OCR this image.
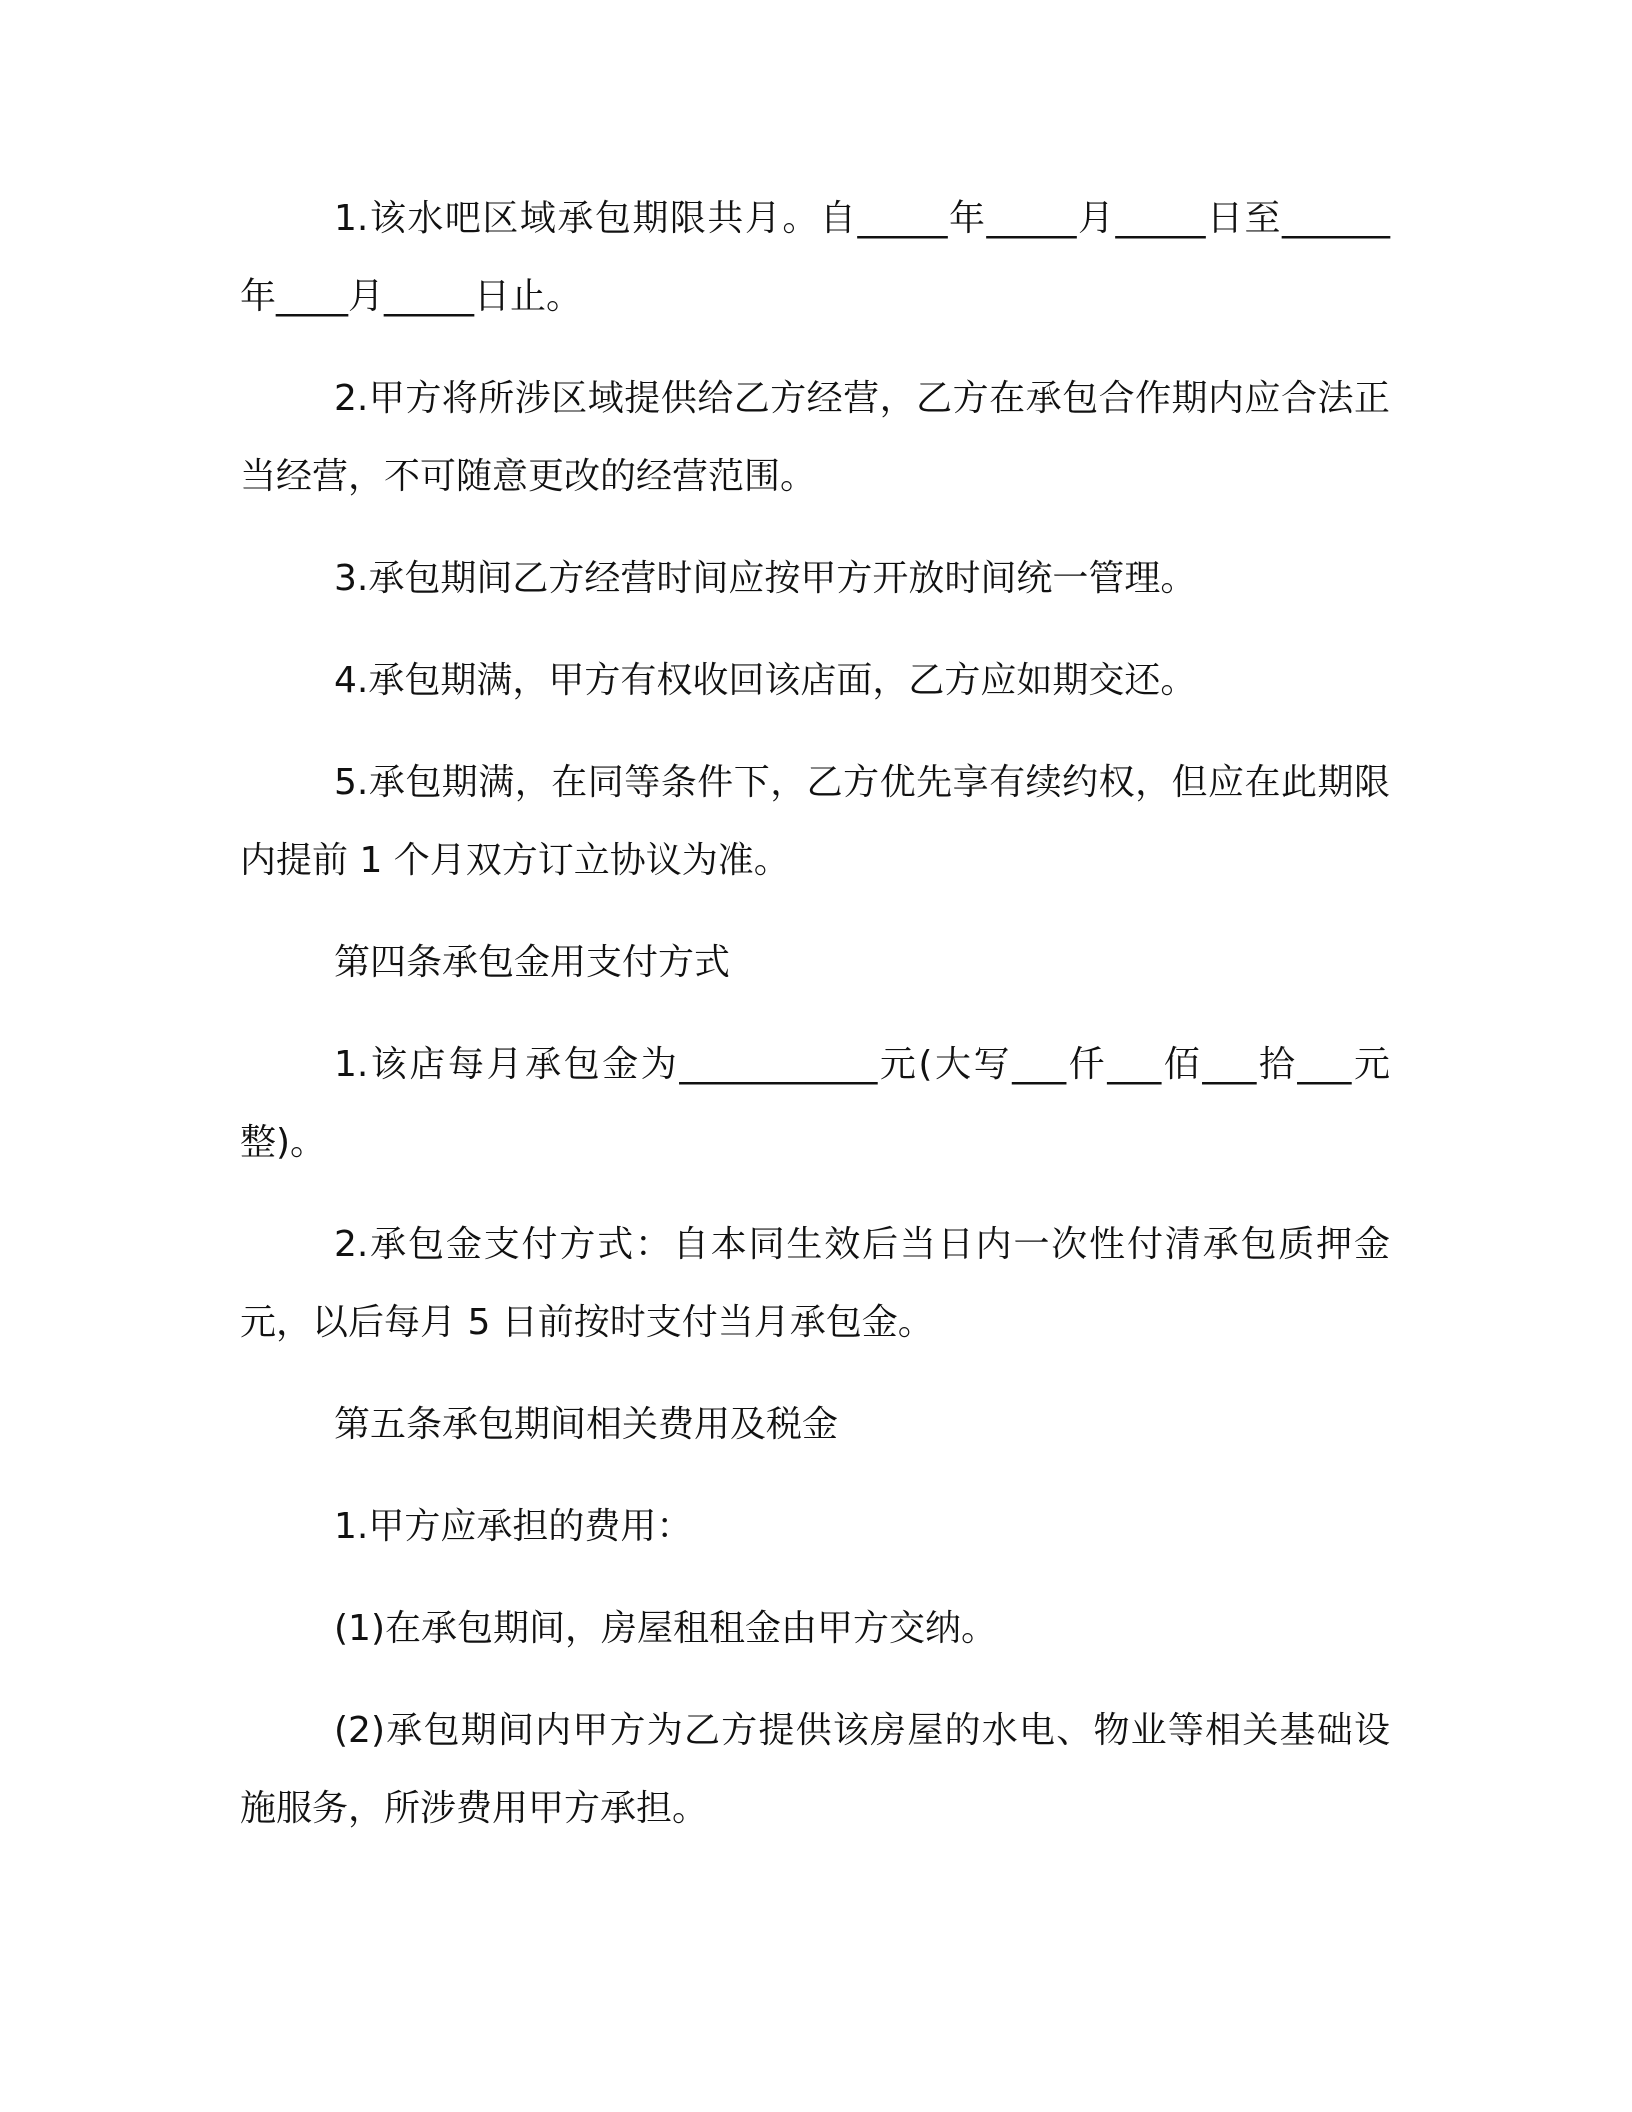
1.该水吧区域承包期限共月。自_____年_____月_____日至______年____月_____日止。

2.甲方将所涉区域提供给乙方经营，乙方在承包合作期内应合法正当经营，不可随意更改的经营范围。

3.承包期间乙方经营时间应按甲方开放时间统一管理。

4.承包期满，甲方有权收回该店面，乙方应如期交还。

5.承包期满，在同等条件下，乙方优先享有续约权，但应在此期限内提前 1 个月双方订立协议为准。

第四条承包金用支付方式

1.该店每月承包金为___________元(大写___仟___佰___拾___元整)。

2.承包金支付方式：自本同生效后当日内一次性付清承包质押金元，以后每月 5 日前按时支付当月承包金。

第五条承包期间相关费用及税金

1.甲方应承担的费用：

(1)在承包期间，房屋租租金由甲方交纳。

(2)承包期间内甲方为乙方提供该房屋的水电、物业等相关基础设施服务，所涉费用甲方承担。
